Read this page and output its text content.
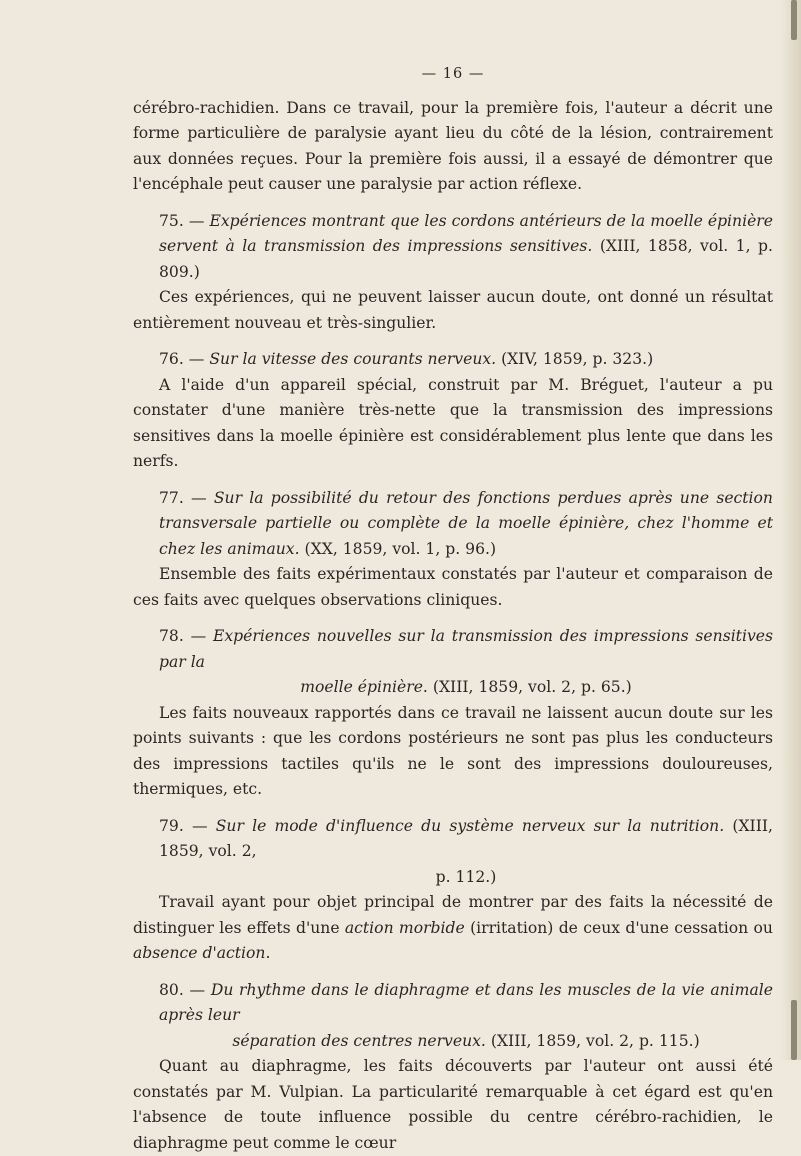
— 16 —

cérébro-rachidien. Dans ce travail, pour la première fois, l'auteur a décrit une forme particulière de paralysie ayant lieu du côté de la lésion, contrairement aux données reçues. Pour la première fois aussi, il a essayé de démontrer que l'encéphale peut causer une paralysie par action réflexe.

75. — Expériences montrant que les cordons antérieurs de la moelle épinière servent à la transmission des impressions sensitives. (XIII, 1858, vol. 1, p. 809.)

Ces expériences, qui ne peuvent laisser aucun doute, ont donné un résultat entièrement nouveau et très-singulier.

76. — Sur la vitesse des courants nerveux. (XIV, 1859, p. 323.)

A l'aide d'un appareil spécial, construit par M. Bréguet, l'auteur a pu constater d'une manière très-nette que la transmission des impressions sensitives dans la moelle épinière est considérablement plus lente que dans les nerfs.

77. — Sur la possibilité du retour des fonctions perdues après une section transversale partielle ou complète de la moelle épinière, chez l'homme et chez les animaux. (XX, 1859, vol. 1, p. 96.)

Ensemble des faits expérimentaux constatés par l'auteur et comparaison de ces faits avec quelques observations cliniques.

78. — Expériences nouvelles sur la transmission des impressions sensitives par la
moelle épinière. (XIII, 1859, vol. 2, p. 65.)

Les faits nouveaux rapportés dans ce travail ne laissent aucun doute sur les points suivants : que les cordons postérieurs ne sont pas plus les conducteurs des impressions tactiles qu'ils ne le sont des impressions douloureuses, thermiques, etc.

79. — Sur le mode d'influence du système nerveux sur la nutrition. (XIII, 1859, vol. 2,
p. 112.)

Travail ayant pour objet principal de montrer par des faits la nécessité de distinguer les effets d'une action morbide (irritation) de ceux d'une cessation ou absence d'action.

80. — Du rhythme dans le diaphragme et dans les muscles de la vie animale après leur
séparation des centres nerveux. (XIII, 1859, vol. 2, p. 115.)

Quant au diaphragme, les faits découverts par l'auteur ont aussi été constatés par M. Vulpian. La particularité remarquable à cet égard est qu'en l'absence de toute influence possible du centre cérébro-rachidien, le diaphragme peut comme le cœur
